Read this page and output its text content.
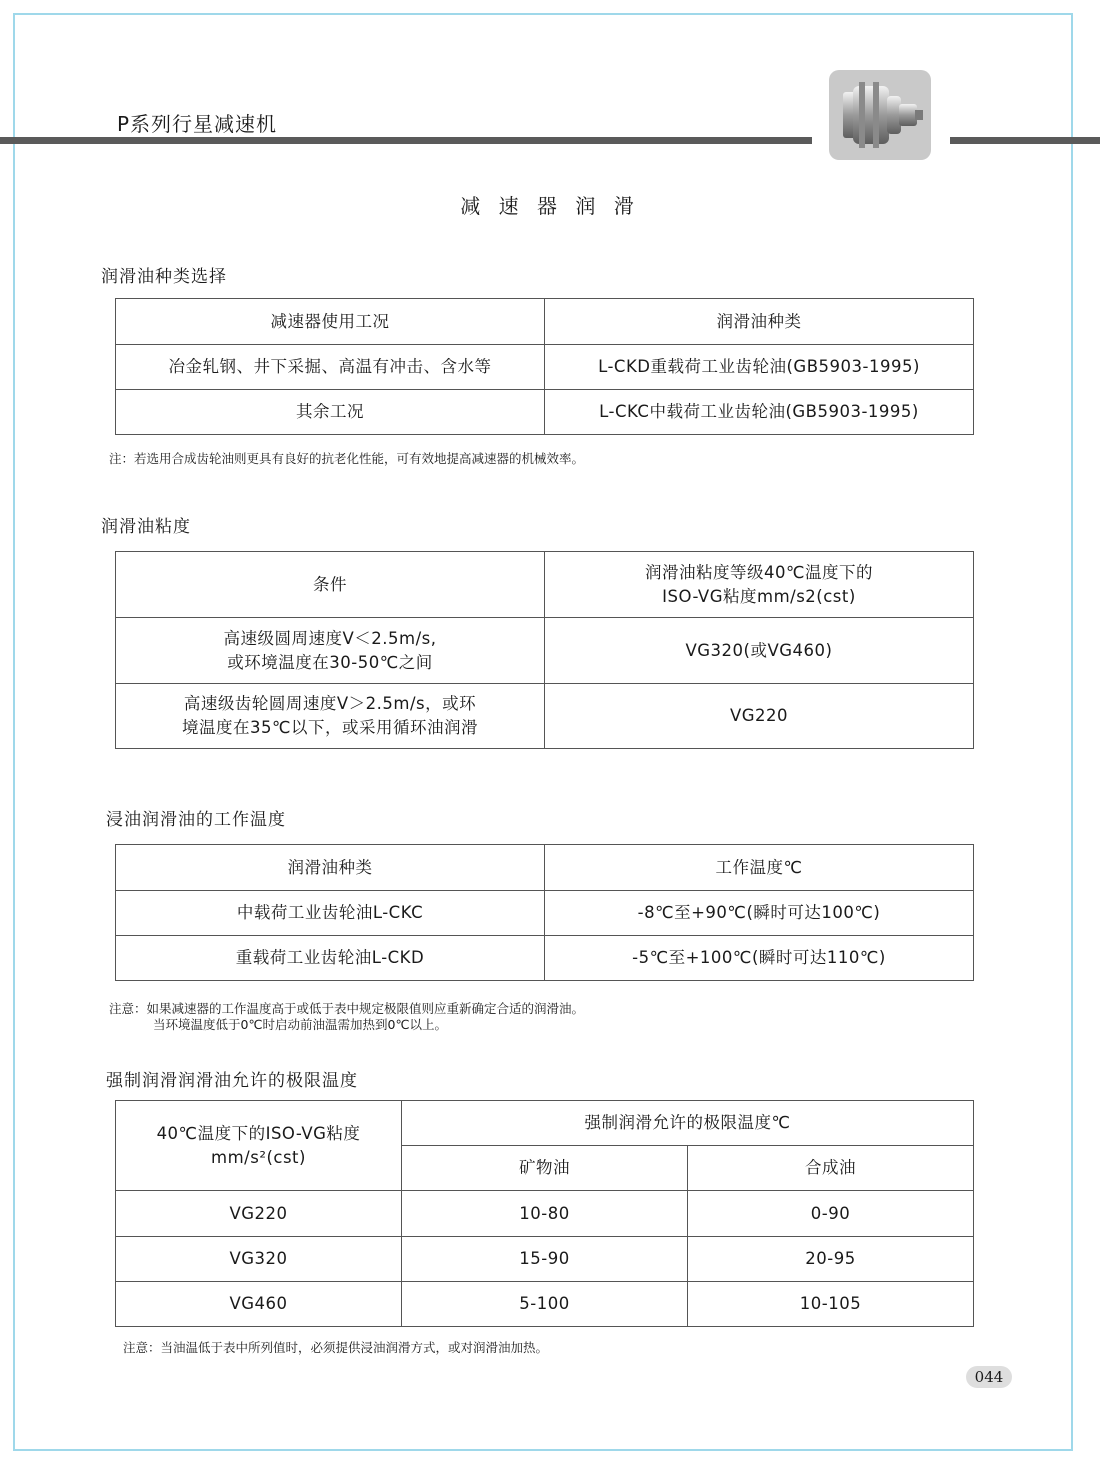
P系列行星减速机
减 速 器 润 滑
润滑油种类选择
减速器使用工况	润滑油种类
冶金轧钢、井下采掘、高温有冲击、含水等	L-CKD重载荷工业齿轮油(GB5903-1995)
其余工况	L-CKC中载荷工业齿轮油(GB5903-1995)
注：若选用合成齿轮油则更具有良好的抗老化性能，可有效地提高减速器的机械效率。
润滑油粘度
条件	润滑油粘度等级40℃温度下的
ISO-VG粘度mm/s2(cst)

高速级圆周速度V＜2.5m/s,
或环境温度在30-50℃之间	VG320(或VG460)

高速级齿轮圆周速度V＞2.5m/s，或环
境温度在35℃以下，或采用循环油润滑	VG220
浸油润滑油的工作温度
润滑油种类	工作温度℃
中载荷工业齿轮油L-CKC	-8℃至+90℃(瞬时可达100℃)
重载荷工业齿轮油L-CKD	-5℃至+100℃(瞬时可达110℃)
注意：如果减速器的工作温度高于或低于表中规定极限值则应重新确定合适的润滑油。
当环境温度低于0℃时启动前油温需加热到0℃以上。
强制润滑润滑油允许的极限温度
40℃温度下的ISO-VG粘度
mm/s²(cst)	强制润滑允许的极限温度℃	
	矿物油	合成油
VG220	10-80	0-90
VG320	15-90	20-95
VG460	5-100	10-105
注意：当油温低于表中所列值时，必须提供浸油润滑方式，或对润滑油加热。
044
